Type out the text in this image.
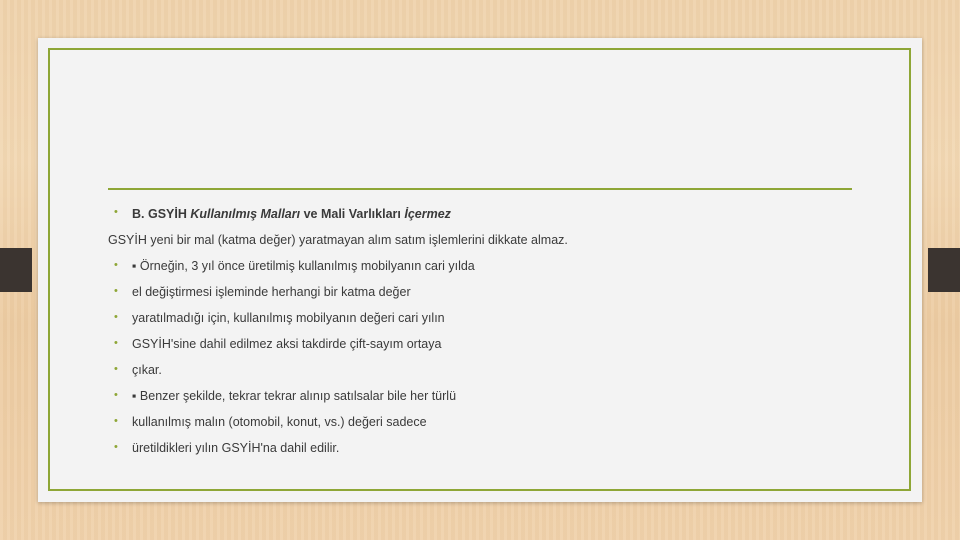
•	B. GSYİH Kullanılmış Malları ve Mali Varlıkları İçermez
GSYİH yeni bir mal (katma değer) yaratmayan alım satım işlemlerini dikkate almaz.
•	▪ Örneğin, 3 yıl önce üretilmiş kullanılmış mobilyanın cari yılda
•	el değiştirmesi işleminde herhangi bir katma değer
•	yaratılmadığı için, kullanılmış mobilyanın değeri cari yılın
•	GSYİH'sine dahil edilmez aksi takdirde çift-sayım ortaya
•	çıkar.
•	▪ Benzer şekilde, tekrar tekrar alınıp satılsalar bile her türlü
•	kullanılmış malın (otomobil, konut, vs.) değeri sadece
•	üretildikleri yılın GSYİH'na dahil edilir.
